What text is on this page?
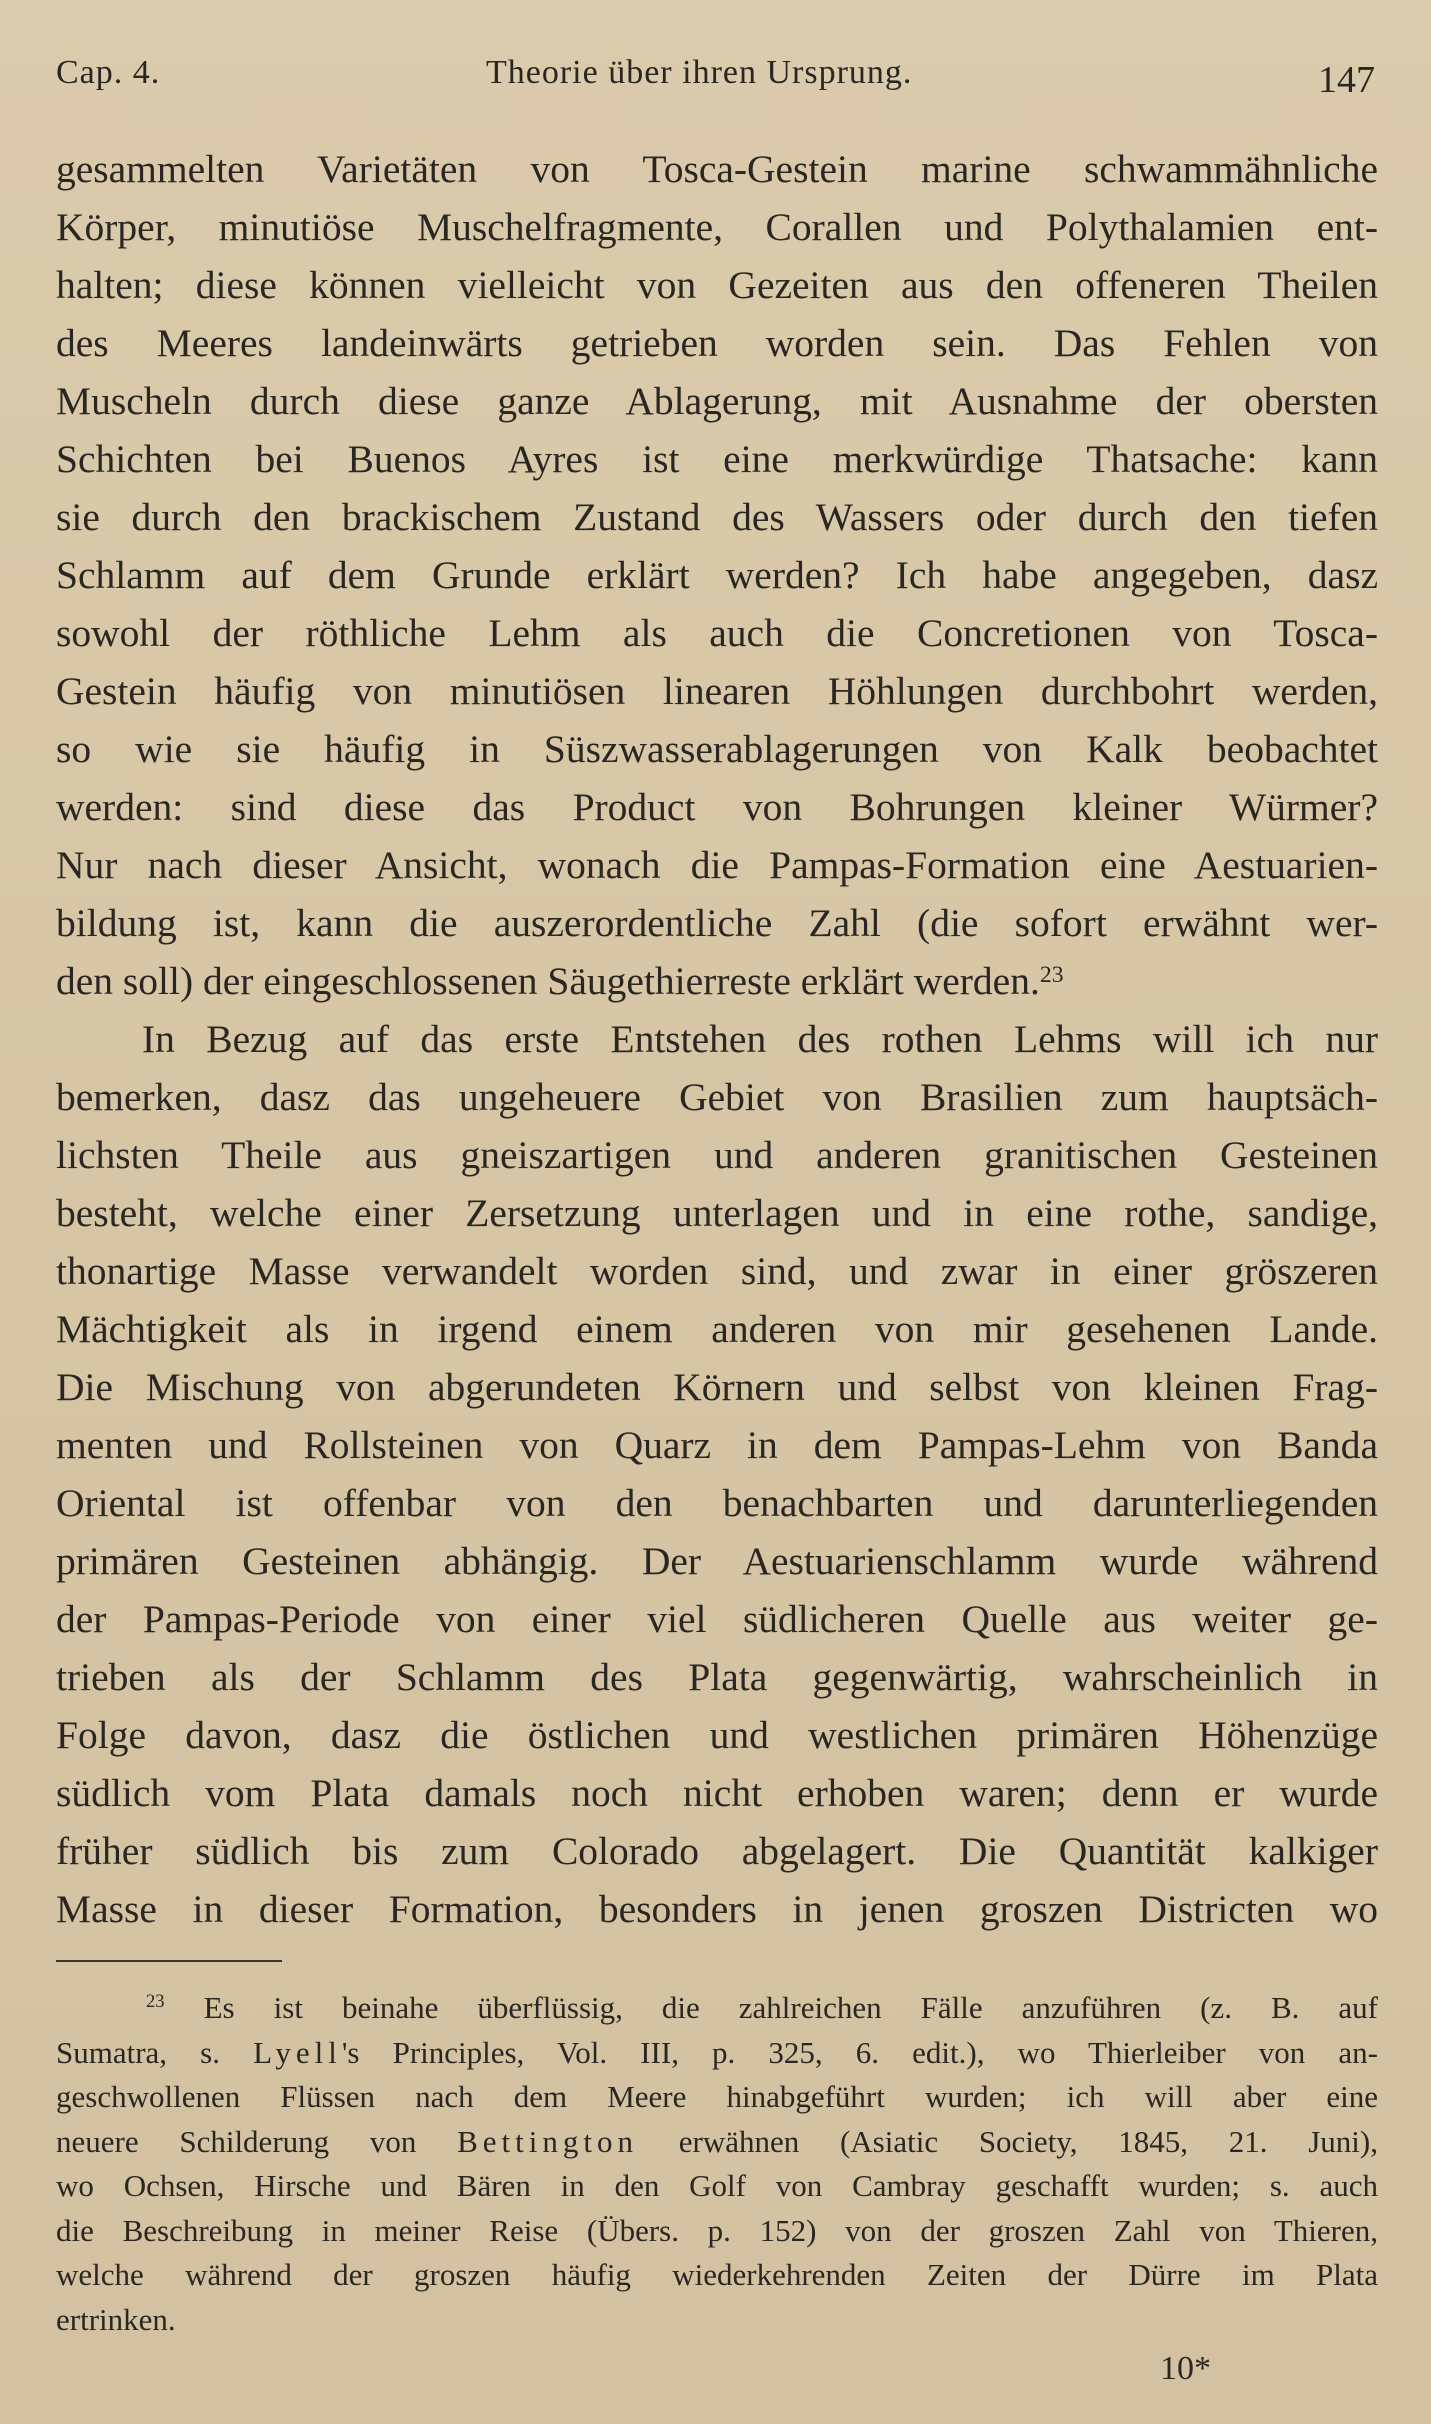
Cap. 4.	Theorie über ihren Ursprung.	147
gesammelten Varietäten von Tosca-Gestein marine schwammähnliche
Körper, minutiöse Muschelfragmente, Corallen und Polythalamien ent-
halten; diese können vielleicht von Gezeiten aus den offeneren Theilen
des Meeres landeinwärts getrieben worden sein. Das Fehlen von
Muscheln durch diese ganze Ablagerung, mit Ausnahme der obersten
Schichten bei Buenos Ayres ist eine merkwürdige Thatsache: kann
sie durch den brackischem Zustand des Wassers oder durch den tiefen
Schlamm auf dem Grunde erklärt werden? Ich habe angegeben, dasz
sowohl der röthliche Lehm als auch die Concretionen von Tosca-
Gestein häufig von minutiösen linearen Höhlungen durchbohrt werden,
so wie sie häufig in Süszwasserablagerungen von Kalk beobachtet
werden: sind diese das Product von Bohrungen kleiner Würmer?
Nur nach dieser Ansicht, wonach die Pampas-Formation eine Aestuarien-
bildung ist, kann die auszerordentliche Zahl (die sofort erwähnt wer-
den soll) der eingeschlossenen Säugethierreste erklärt werden.$^{23}$
In Bezug auf das erste Entstehen des rothen Lehms will ich nur
bemerken, dasz das ungeheuere Gebiet von Brasilien zum hauptsäch-
lichsten Theile aus gneiszartigen und anderen granitischen Gesteinen
besteht, welche einer Zersetzung unterlagen und in eine rothe, sandige,
thonartige Masse verwandelt worden sind, und zwar in einer gröszeren
Mächtigkeit als in irgend einem anderen von mir gesehenen Lande.
Die Mischung von abgerundeten Körnern und selbst von kleinen Frag-
menten und Rollsteinen von Quarz in dem Pampas-Lehm von Banda
Oriental ist offenbar von den benachbarten und darunterliegenden
primären Gesteinen abhängig. Der Aestuarienschlamm wurde während
der Pampas-Periode von einer viel südlicheren Quelle aus weiter ge-
trieben als der Schlamm des Plata gegenwärtig, wahrscheinlich in
Folge davon, dasz die östlichen und westlichen primären Höhenzüge
südlich vom Plata damals noch nicht erhoben waren; denn er wurde
früher südlich bis zum Colorado abgelagert. Die Quantität kalkiger
Masse in dieser Formation, besonders in jenen groszen Districten wo
$^{23}$ Es ist beinahe überflüssig, die zahlreichen Fälle anzuführen (z. B. auf
Sumatra, s. Lyell's Principles, Vol. III, p. 325, 6. edit.), wo Thierleiber von an-
geschwollenen Flüssen nach dem Meere hinabgeführt wurden; ich will aber eine
neuere Schilderung von Bettington erwähnen (Asiatic Society, 1845, 21. Juni),
wo Ochsen, Hirsche und Bären in den Golf von Cambray geschafft wurden; s. auch
die Beschreibung in meiner Reise (Übers. p. 152) von der groszen Zahl von Thieren,
welche während der groszen häufig wiederkehrenden Zeiten der Dürre im Plata
ertrinken.
10*
